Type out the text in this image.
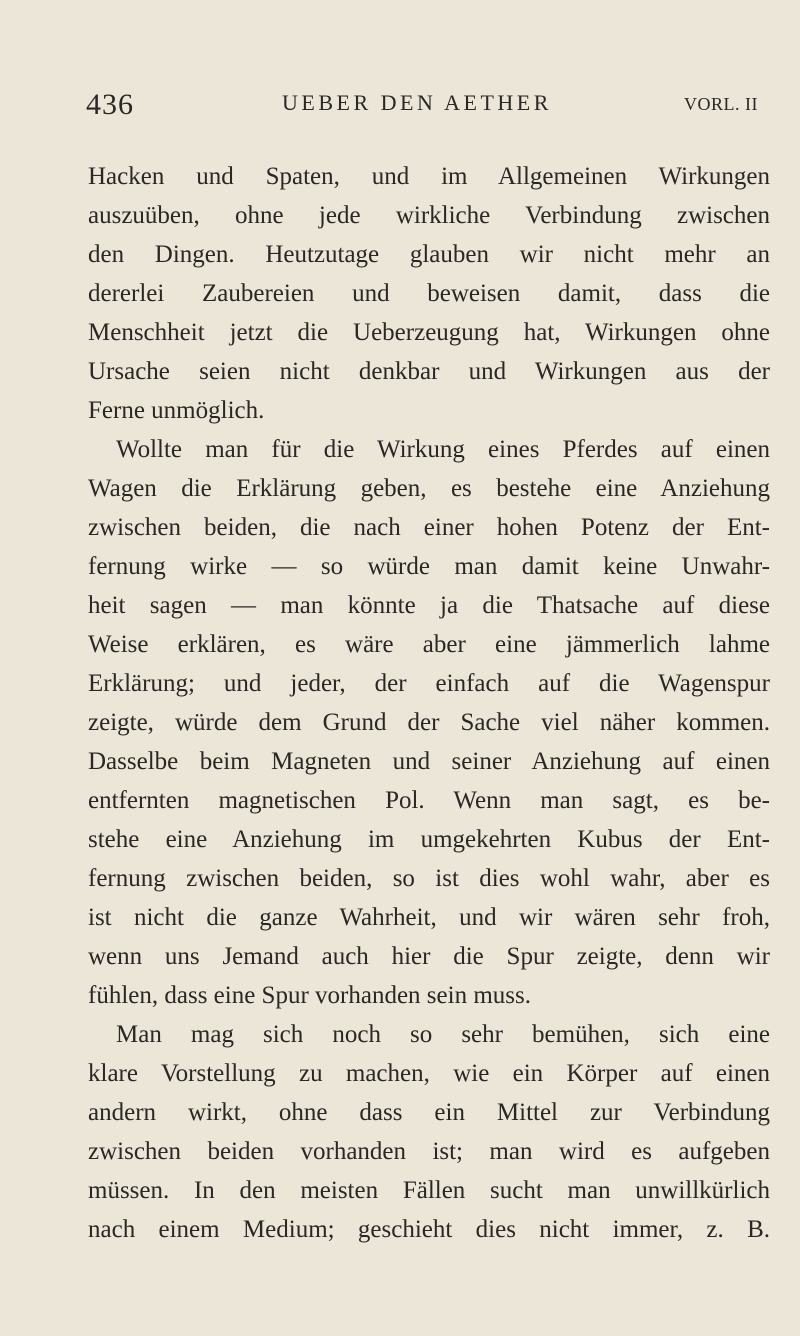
436	UEBER DEN AETHER	VORL. II
Hacken und Spaten, und im Allgemeinen Wirkungen
auszuüben, ohne jede wirkliche Verbindung zwischen
den Dingen. Heutzutage glauben wir nicht mehr an
dererlei Zaubereien und beweisen damit, dass die
Menschheit jetzt die Ueberzeugung hat, Wirkungen ohne
Ursache seien nicht denkbar und Wirkungen aus der
Ferne unmöglich.
Wollte man für die Wirkung eines Pferdes auf einen
Wagen die Erklärung geben, es bestehe eine Anziehung
zwischen beiden, die nach einer hohen Potenz der Ent-
fernung wirke — so würde man damit keine Unwahr-
heit sagen — man könnte ja die Thatsache auf diese
Weise erklären, es wäre aber eine jämmerlich lahme
Erklärung; und jeder, der einfach auf die Wagenspur
zeigte, würde dem Grund der Sache viel näher kommen.
Dasselbe beim Magneten und seiner Anziehung auf einen
entfernten magnetischen Pol. Wenn man sagt, es be-
stehe eine Anziehung im umgekehrten Kubus der Ent-
fernung zwischen beiden, so ist dies wohl wahr, aber es
ist nicht die ganze Wahrheit, und wir wären sehr froh,
wenn uns Jemand auch hier die Spur zeigte, denn wir
fühlen, dass eine Spur vorhanden sein muss.
Man mag sich noch so sehr bemühen, sich eine
klare Vorstellung zu machen, wie ein Körper auf einen
andern wirkt, ohne dass ein Mittel zur Verbindung
zwischen beiden vorhanden ist; man wird es aufgeben
müssen. In den meisten Fällen sucht man unwillkürlich
nach einem Medium; geschieht dies nicht immer, z. B.
